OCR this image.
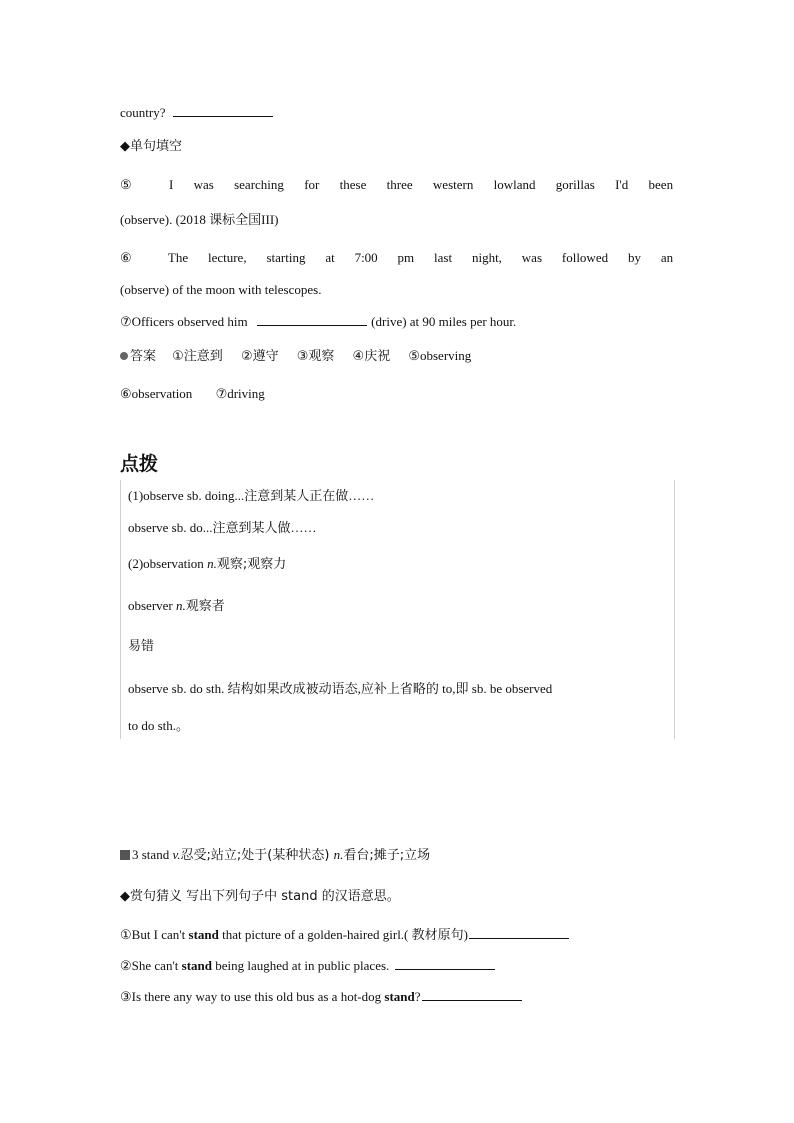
country?
◆单句填空
⑤ I was searching for these three western lowland gorillas I'd been
(observe). (2018 课标全国III)
⑥ The lecture, starting at 7:00 pm last night, was followed by an
(observe) of the moon with telescopes.
⑦Officers observed him	(drive) at 90 miles per hour.
答案 ①注意到 ②遵守 ③观察 ④庆祝 ⑤observing
⑥observation ⑦driving
点拨
(1)observe sb. doing...注意到某人正在做……
observe sb. do...注意到某人做……
(2)observation n.观察;观察力
observer n.观察者
易错
observe sb. do sth. 结构如果改成被动语态,应补上省略的 to,即 sb. be observed
to do sth.。
3 stand v.忍受;站立;处于(某种状态) n.看台;摊子;立场
◆赏句猜义 写出下列句子中 stand 的汉语意思。
①But I can't stand that picture of a golden-haired girl.( 教材原句)
②She can't stand being laughed at in public places.
③Is there any way to use this old bus as a hot-dog stand?
